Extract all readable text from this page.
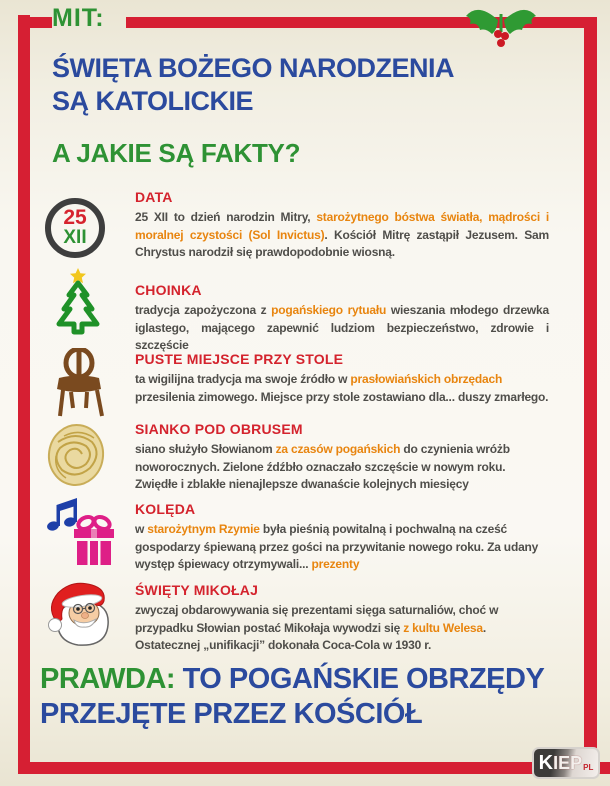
MIT:
ŚWIĘTA BOŻEGO NARODZENIA
SĄ KATOLICKIE
A JAKIE SĄ FAKTY?
25
XII
DATA

25 XII to dzień narodzin Mitry, starożytnego bóstwa światła, mądrości i moralnej czystości (Sol Invictus). Kościół Mitrę zastąpił Jezusem. Sam Chrystus narodził się prawdopodobnie wiosną.

CHOINKA

tradycja zapożyczona z pogańskiego rytuału wieszania młodego drzewka iglastego, mającego zapewnić ludziom bezpieczeństwo, zdrowie i szczęście

PUSTE MIEJSCE PRZY STOLE

ta wigilijna tradycja ma swoje źródło w prasłowiańskich obrzędach przesilenia zimowego. Miejsce przy stole zostawiano dla... duszy zmarłego.

SIANKO POD OBRUSEM

siano służyło Słowianom za czasów pogańskich do czynienia wróżb noworocznych. Zielone źdźbło oznaczało szczęście w nowym roku. Zwiędłe i zblakłe nienajlepsze dwanaście kolejnych miesięcy

KOLĘDA

w starożytnym Rzymie była pieśnią powitalną i pochwalną na cześć gospodarzy śpiewaną przez gości na przywitanie nowego roku. Za udany występ śpiewacy otrzymywali... prezenty

ŚWIĘTY MIKOŁAJ

zwyczaj obdarowywania się prezentami sięga saturnaliów, choć w przypadku Słowian postać Mikołaja wywodzi się z kultu Welesa. Ostatecznej „unifikacji” dokonała Coca-Cola w 1930 r.

PRAWDA: TO POGAŃSKIE OBRZĘDY
PRZEJĘTE PRZEZ KOŚCIÓŁ
K IEP PL
